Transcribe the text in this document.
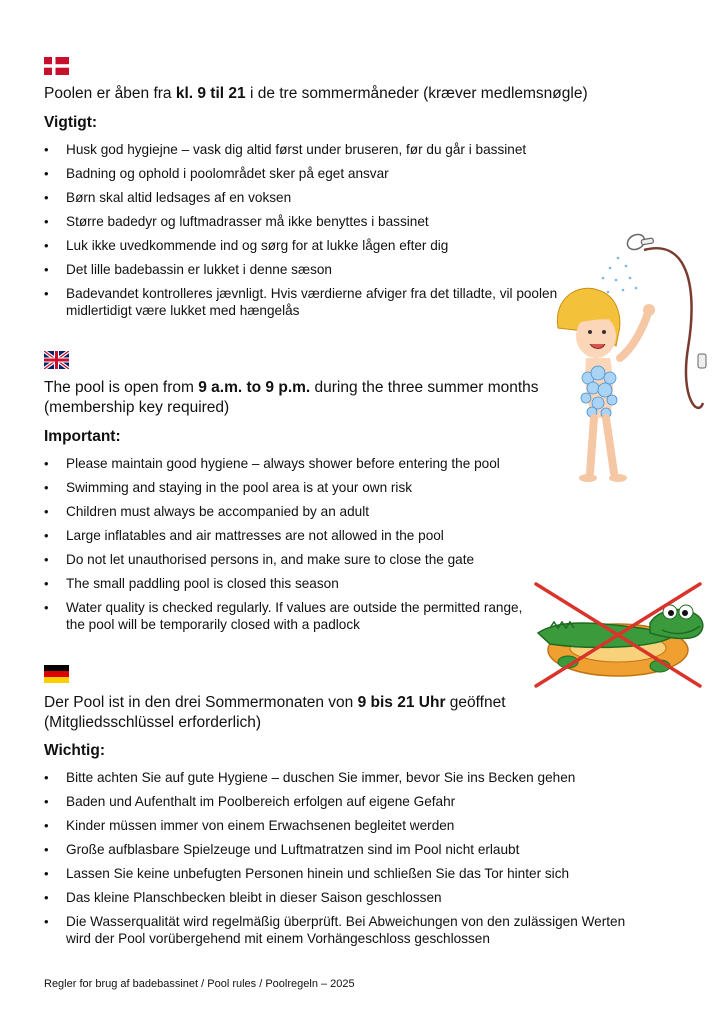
Poolen er åben fra kl. 9 til 21 i de tre sommermåneder (kræver medlemsnøgle)

Vigtigt:

• Husk god hygiejne – vask dig altid først under bruseren, før du går i bassinet
• Badning og ophold i poolområdet sker på eget ansvar
• Børn skal altid ledsages af en voksen
• Større badedyr og luftmadrasser må ikke benyttes i bassinet
• Luk ikke uvedkommende ind og sørg for at lukke lågen efter dig
• Det lille badebassin er lukket i denne sæson
• Badevandet kontrolleres jævnligt. Hvis værdierne afviger fra det tilladte, vil poolen midlertidigt være lukket med hængelås

The pool is open from 9 a.m. to 9 p.m. during the three summer months (membership key required)

Important:

• Please maintain good hygiene – always shower before entering the pool
• Swimming and staying in the pool area is at your own risk
• Children must always be accompanied by an adult
• Large inflatables and air mattresses are not allowed in the pool
• Do not let unauthorised persons in, and make sure to close the gate
• The small paddling pool is closed this season
• Water quality is checked regularly. If values are outside the permitted range, the pool will be temporarily closed with a padlock

Der Pool ist in den drei Sommermonaten von 9 bis 21 Uhr geöffnet (Mitgliedsschlüssel erforderlich)

Wichtig:

• Bitte achten Sie auf gute Hygiene – duschen Sie immer, bevor Sie ins Becken gehen
• Baden und Aufenthalt im Poolbereich erfolgen auf eigene Gefahr
• Kinder müssen immer von einem Erwachsenen begleitet werden
• Große aufblasbare Spielzeuge und Luftmatratzen sind im Pool nicht erlaubt
• Lassen Sie keine unbefugten Personen hinein und schließen Sie das Tor hinter sich
• Das kleine Planschbecken bleibt in dieser Saison geschlossen
• Die Wasserqualität wird regelmäßig überprüft. Bei Abweichungen von den zulässigen Werten wird der Pool vorübergehend mit einem Vorhängeschloss geschlossen

Regler for brug af badebassinet / Pool rules / Poolregeln – 2025
